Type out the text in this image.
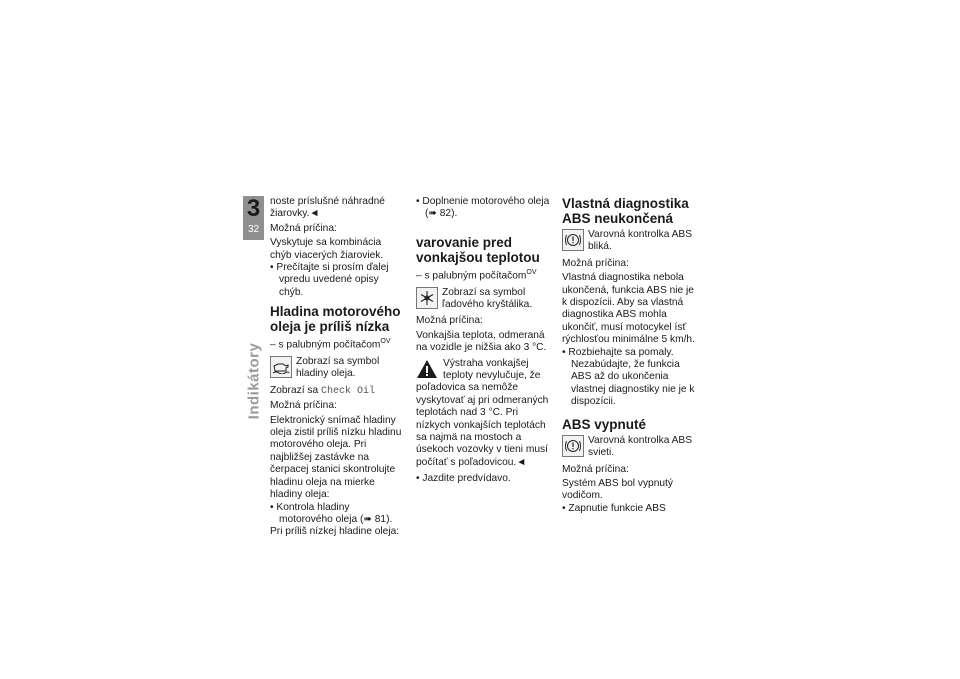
3
32
Indikátory

noste príslušné náhradné žiarovky.◄

Možná príčina:

Vyskytuje sa kombinácia chýb viacerých žiaroviek.

• Prečítajte si prosím ďalej vpredu uvedené opisy chýb.

Hladina motorového oleja je príliš nízka

– s palubným počítačom$^{OV}$

Zobrazí sa symbol hladiny oleja.

Zobrazí sa Check Oil

Možná príčina:

Elektronický snímač hladiny oleja zistil príliš nízku hladinu motorového oleja. Pri najbližšej zastávke na čerpacej stanici skontrolujte hladinu oleja na mierke hladiny oleja:

• Kontrola hladiny motorového oleja (➠ 81).

Pri príliš nízkej hladine oleja:

• Doplnenie motorového oleja (➠ 82).

varovanie pred vonkajšou teplotou

– s palubným počítačom$^{OV}$

Zobrazí sa symbol ľadového kryštálika.

Možná príčina:

Vonkajšia teplota, odmeraná na vozidle je nižšia ako 3 °C.

Výstraha vonkajšej teploty nevylučuje, že poľadovica sa nemôže vyskytovať aj pri odmeraných teplotách nad 3 °C. Pri nízkych vonkajších teplotách sa najmä na mostoch a úsekoch vozovky v tieni musí počítať s poľadovicou.◄

• Jazdite predvídavo.

Vlastná diagnostika ABS neukončená
Varovná kontrolka ABS bliká.

Možná príčina:

Vlastná diagnostika nebola ukončená, funkcia ABS nie je k dispozícii. Aby sa vlastná diagnostika ABS mohla ukončiť, musí motocykel ísť rýchlosťou minimálne 5 km/h.

• Rozbiehajte sa pomaly. Nezabúdajte, že funkcia ABS až do ukončenia vlastnej diagnostiky nie je k dispozícii.

ABS vypnuté
Varovná kontrolka ABS svieti.

Možná príčina:

Systém ABS bol vypnutý vodičom.

• Zapnutie funkcie ABS
